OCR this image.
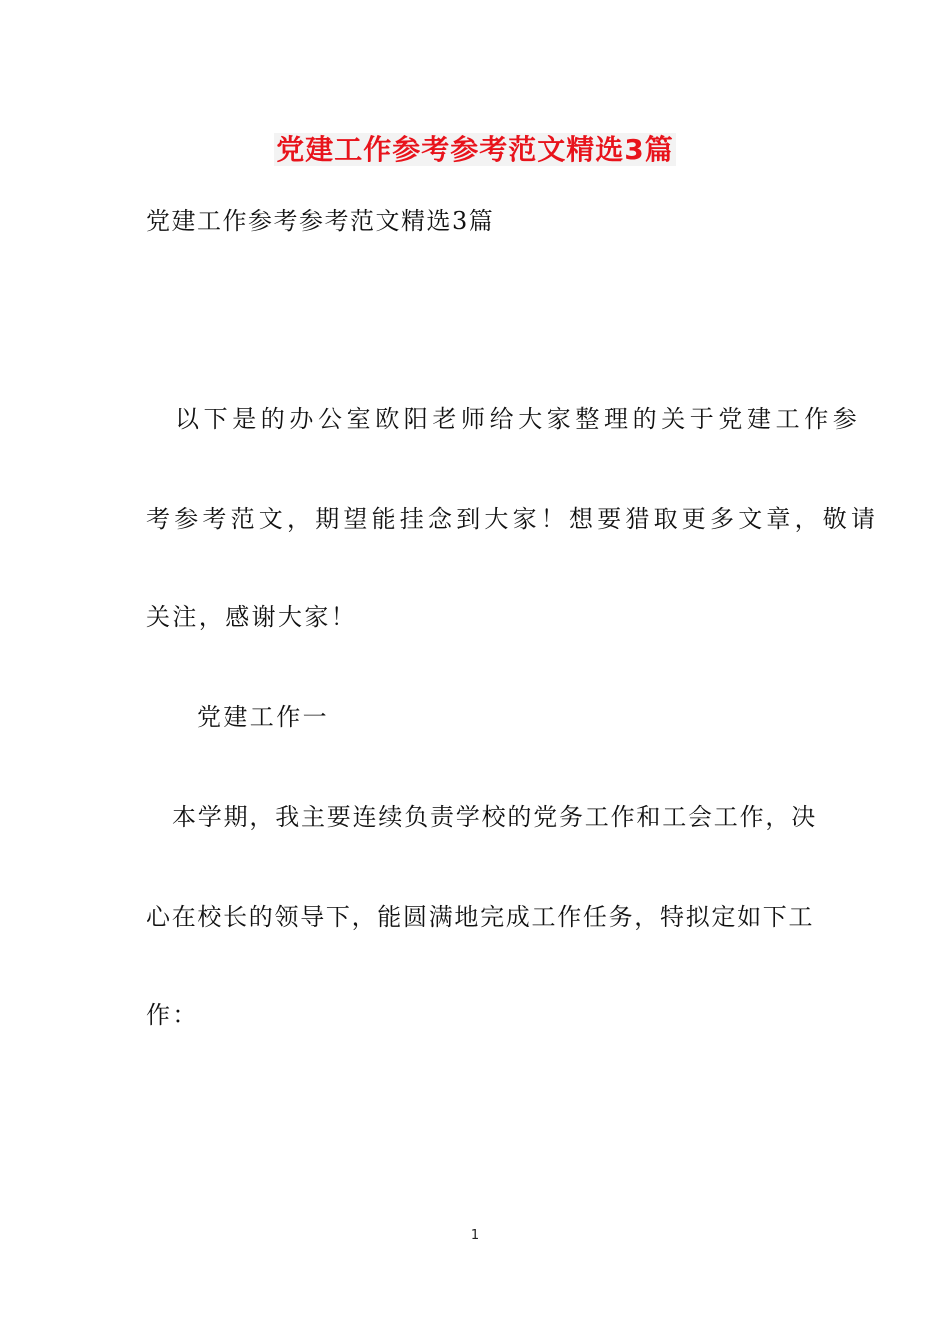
党建工作参考参考范文精选3篇

党建工作参考参考范文精选3篇

以下是的办公室欧阳老师给大家整理的关于党建工作参

考参考范文，期望能挂念到大家！想要猎取更多文章，敬请

关注，感谢大家！

党建工作一

本学期，我主要连续负责学校的党务工作和工会工作，决

心在校长的领导下，能圆满地完成工作任务，特拟定如下工

作：

1
